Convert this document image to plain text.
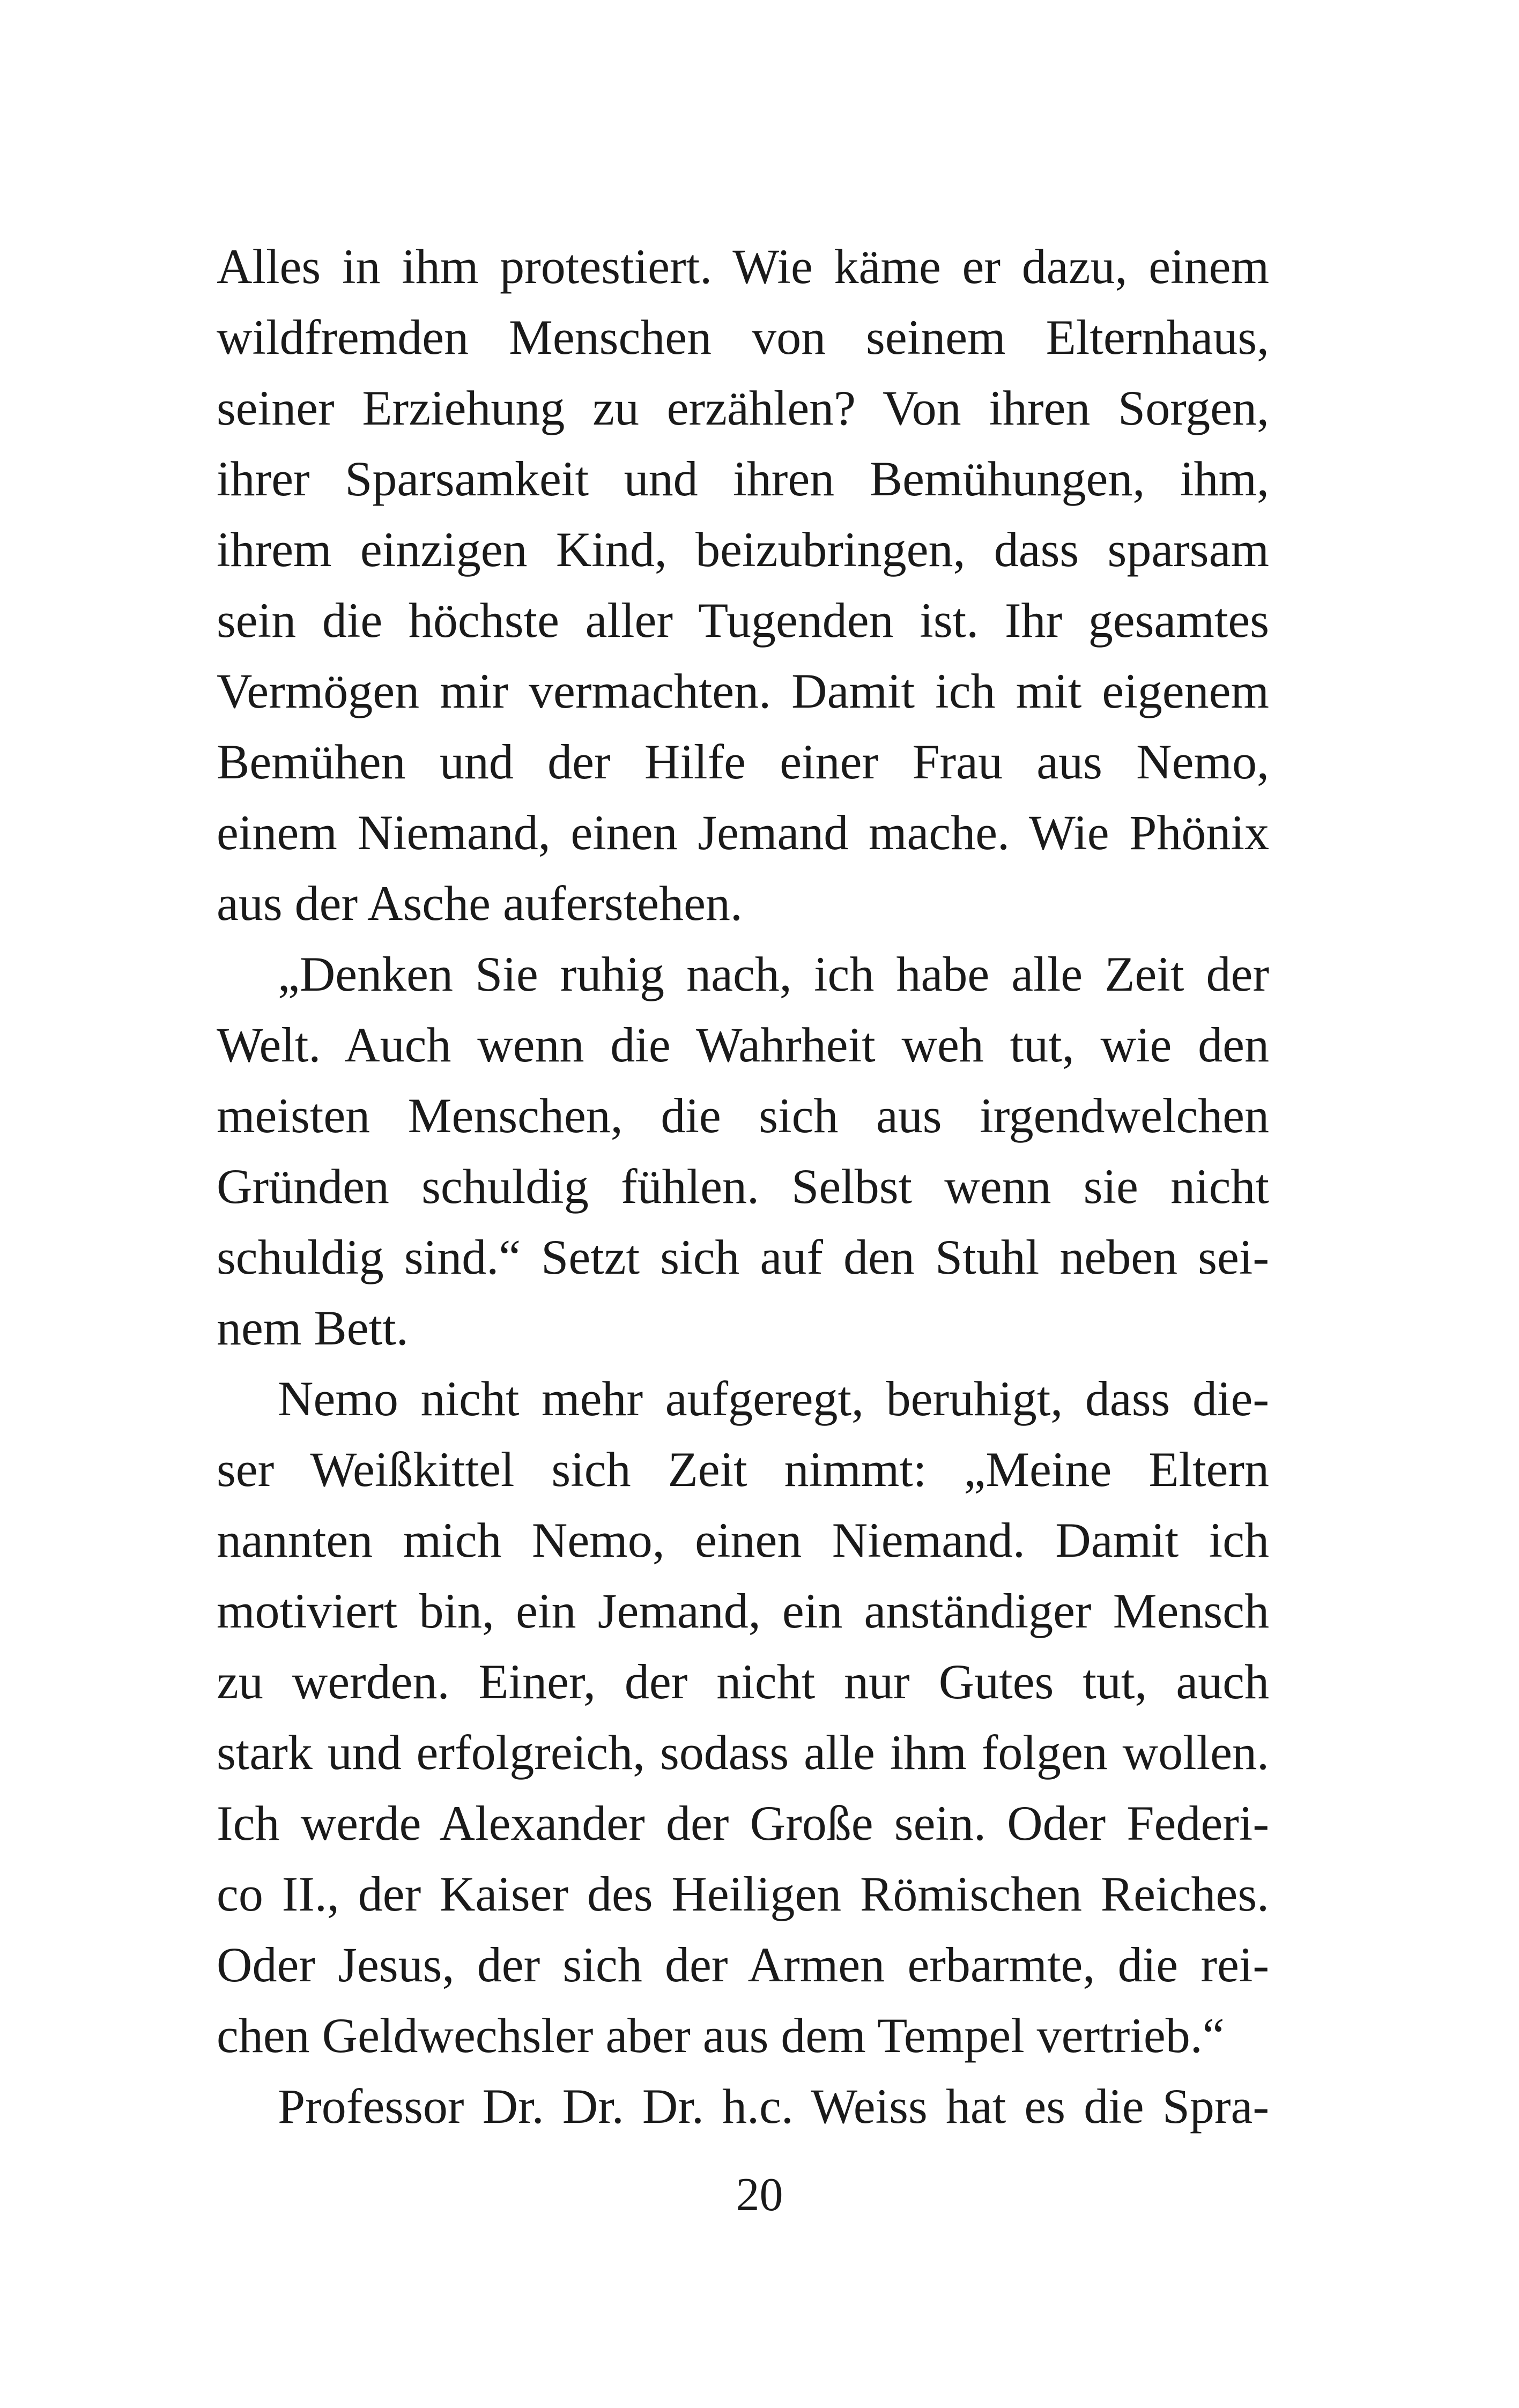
Alles in ihm protestiert. Wie käme er dazu, einem
wildfremden Menschen von seinem Elternhaus,
seiner Erziehung zu erzählen? Von ihren Sorgen,
ihrer Sparsamkeit und ihren Bemühungen, ihm,
ihrem einzigen Kind, beizubringen, dass sparsam
sein die höchste aller Tugenden ist. Ihr gesamtes
Vermögen mir vermachten. Damit ich mit eigenem
Bemühen und der Hilfe einer Frau aus Nemo,
einem Niemand, einen Jemand mache. Wie Phönix
aus der Asche auferstehen.
„Denken Sie ruhig nach, ich habe alle Zeit der
Welt. Auch wenn die Wahrheit weh tut, wie den
meisten Menschen, die sich aus irgendwelchen
Gründen schuldig fühlen. Selbst wenn sie nicht
schuldig sind.“ Setzt sich auf den Stuhl neben sei-
nem Bett.
Nemo nicht mehr aufgeregt, beruhigt, dass die-
ser Weißkittel sich Zeit nimmt: „Meine Eltern
nannten mich Nemo, einen Niemand. Damit ich
motiviert bin, ein Jemand, ein anständiger Mensch
zu werden. Einer, der nicht nur Gutes tut, auch
stark und erfolgreich, sodass alle ihm folgen wollen.
Ich werde Alexander der Große sein. Oder Federi-
co II., der Kaiser des Heiligen Römischen Reiches.
Oder Jesus, der sich der Armen erbarmte, die rei-
chen Geldwechsler aber aus dem Tempel vertrieb.“
Professor Dr. Dr. Dr. h.c. Weiss hat es die Spra-
20
